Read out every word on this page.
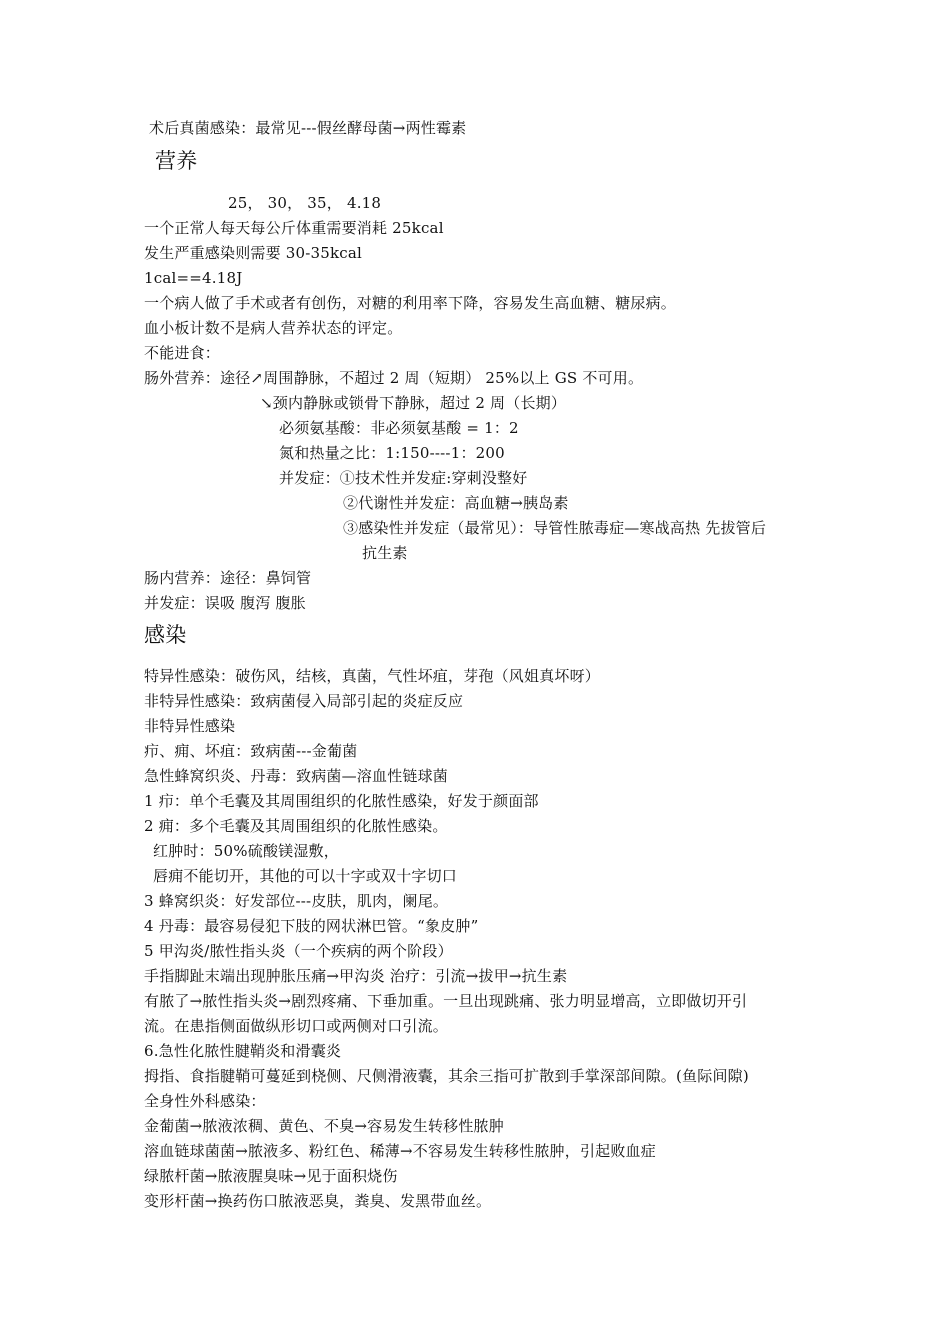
术后真菌感染：最常见---假丝酵母菌→两性霉素
营养
25， 30， 35， 4.18
一个正常人每天每公斤体重需要消耗 25kcal
发生严重感染则需要 30-35kcal
1cal==4.18J
一个病人做了手术或者有创伤，对糖的利用率下降，容易发生高血糖、糖尿病。
血小板计数不是病人营养状态的评定。
不能进食：
肠外营养：途径↗周围静脉，不超过 2 周（短期） 25%以上 GS 不可用。
↘颈内静脉或锁骨下静脉，超过 2 周（长期）
必须氨基酸：非必须氨基酸 = 1：2
氮和热量之比：1:150----1：200
并发症：①技术性并发症:穿刺没整好
②代谢性并发症：高血糖→胰岛素
③感染性并发症（最常见）：导管性脓毒症—寒战高热 先拔管后
抗生素
肠内营养：途径：鼻饲管
并发症：误吸 腹泻 腹胀
感染
特异性感染：破伤风，结核，真菌，气性坏疽，芽孢（风姐真坏呀）
非特异性感染：致病菌侵入局部引起的炎症反应
非特异性感染
疖、痈、坏疽：致病菌---金葡菌
急性蜂窝织炎、丹毒：致病菌—溶血性链球菌
1 疖：单个毛囊及其周围组织的化脓性感染，好发于颜面部
2 痈：多个毛囊及其周围组织的化脓性感染。
红肿时：50%硫酸镁湿敷，
唇痈不能切开，其他的可以十字或双十字切口
3 蜂窝织炎：好发部位---皮肤，肌肉，阑尾。
4 丹毒：最容易侵犯下肢的网状淋巴管。“象皮肿”
5 甲沟炎/脓性指头炎（一个疾病的两个阶段）
手指脚趾末端出现肿胀压痛→甲沟炎 治疗：引流→拔甲→抗生素
有脓了→脓性指头炎→剧烈疼痛、下垂加重。一旦出现跳痛、张力明显增高，立即做切开引
流。在患指侧面做纵形切口或两侧对口引流。
6.急性化脓性腱鞘炎和滑囊炎
拇指、食指腱鞘可蔓延到桡侧、尺侧滑液囊，其余三指可扩散到手掌深部间隙。(鱼际间隙)
全身性外科感染：
金葡菌→脓液浓稠、黄色、不臭→容易发生转移性脓肿
溶血链球菌菌→脓液多、粉红色、稀薄→不容易发生转移性脓肿，引起败血症
绿脓杆菌→脓液腥臭味→见于面积烧伤
变形杆菌→换药伤口脓液恶臭，粪臭、发黑带血丝。
